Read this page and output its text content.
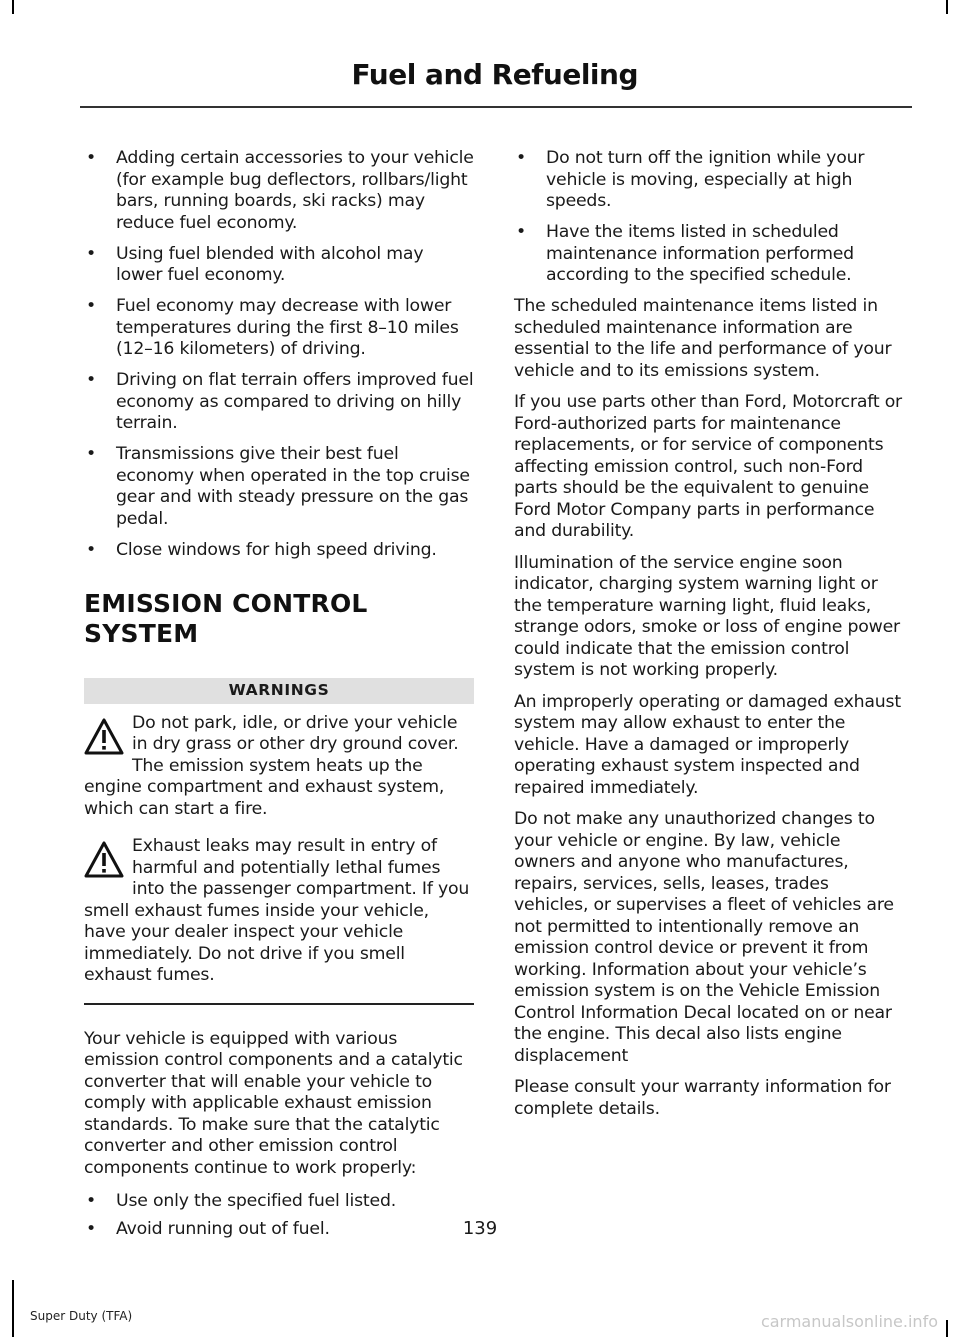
Fuel and Refueling
• Adding certain accessories to your vehicle (for example bug deflectors, rollbars/light bars, running boards, ski racks) may reduce fuel economy.
• Using fuel blended with alcohol may lower fuel economy.
• Fuel economy may decrease with lower temperatures during the first 8–10 miles (12–16 kilometers) of driving.
• Driving on flat terrain offers improved fuel economy as compared to driving on hilly terrain.
• Transmissions give their best fuel economy when operated in the top cruise gear and with steady pressure on the gas pedal.
• Close windows for high speed driving.
EMISSION CONTROL SYSTEM
WARNINGS
Do not park, idle, or drive your vehicle in dry grass or other dry ground cover. The emission system heats up the engine compartment and exhaust system, which can start a fire.
Exhaust leaks may result in entry of harmful and potentially lethal fumes into the passenger compartment. If you smell exhaust fumes inside your vehicle, have your dealer inspect your vehicle immediately. Do not drive if you smell exhaust fumes.

Your vehicle is equipped with various emission control components and a catalytic converter that will enable your vehicle to comply with applicable exhaust emission standards. To make sure that the catalytic converter and other emission control components continue to work properly:

• Use only the specified fuel listed.
• Avoid running out of fuel.
• Do not turn off the ignition while your vehicle is moving, especially at high speeds.
• Have the items listed in scheduled maintenance information performed according to the specified schedule.

The scheduled maintenance items listed in scheduled maintenance information are essential to the life and performance of your vehicle and to its emissions system.

If you use parts other than Ford, Motorcraft or Ford-authorized parts for maintenance replacements, or for service of components affecting emission control, such non-Ford parts should be the equivalent to genuine Ford Motor Company parts in performance and durability.

Illumination of the service engine soon indicator, charging system warning light or the temperature warning light, fluid leaks, strange odors, smoke or loss of engine power could indicate that the emission control system is not working properly.

An improperly operating or damaged exhaust system may allow exhaust to enter the vehicle. Have a damaged or improperly operating exhaust system inspected and repaired immediately.

Do not make any unauthorized changes to your vehicle or engine. By law, vehicle owners and anyone who manufactures, repairs, services, sells, leases, trades vehicles, or supervises a fleet of vehicles are not permitted to intentionally remove an emission control device or prevent it from working. Information about your vehicle’s emission system is on the Vehicle Emission Control Information Decal located on or near the engine. This decal also lists engine displacement

Please consult your warranty information for complete details.

139
Super Duty (TFA)	carmanualsonline.info
